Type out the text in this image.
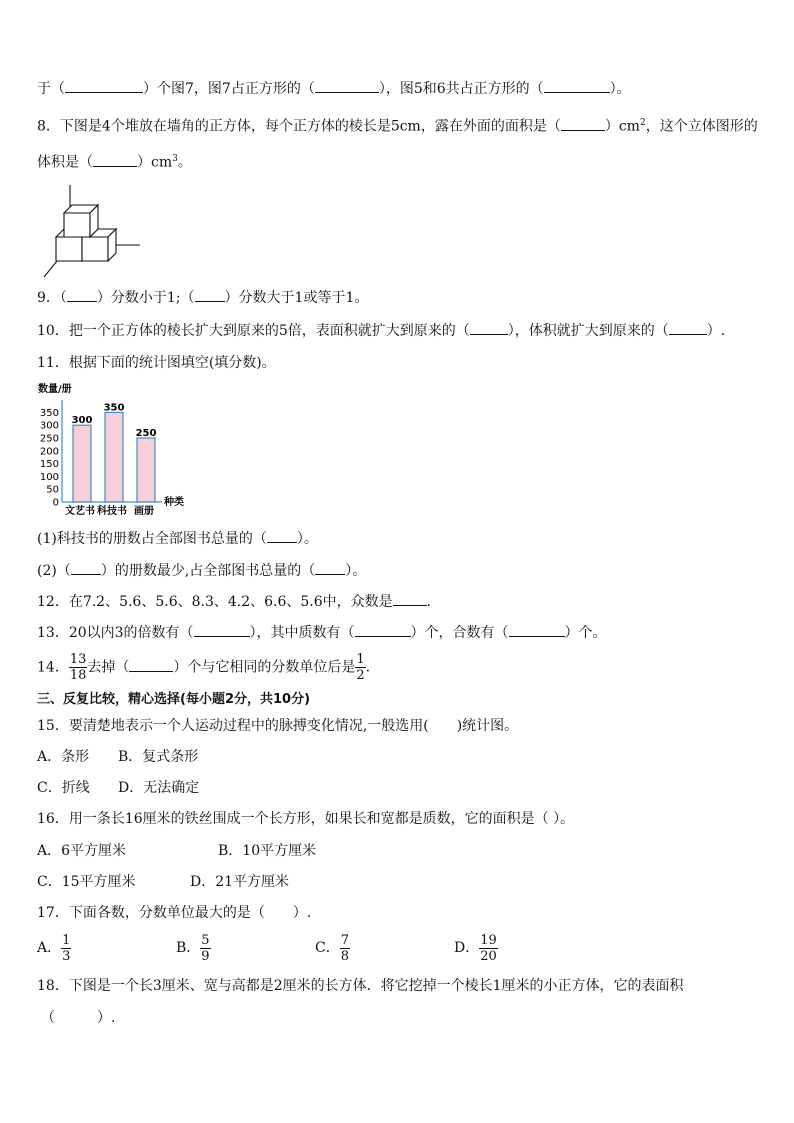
于（	）个图7，图7占正方形的（	），图5和6共占正方形的（	）。
8．下图是4个堆放在墙角的正方体，每个正方体的棱长是5cm，露在外面的面积是（	）$cm^2$，这个立体图形的
体积是（	）$cm^3$。
9．（ ）分数小于1;（ ）分数大于1或等于1。
10．把一个正方体的棱长扩大到原来的5倍，表面积就扩大到原来的（	），体积就扩大到原来的（	）.
11．根据下面的统计图填空(填分数)。
数量/册
0
50
100
150
200
250
300
350
300
文艺书
350
科技书
250
画册
种类
(1)科技书的册数占全部图书总量的（ ）。
(2)（ ）的册数最少,占全部图书总量的（ ）。
12．在7.2、5.6、5.6、8.3、4.2、6.6、5.6中，众数是 .
13．20以内3的倍数有（	），其中质数有（	）个，合数有（	）个。
14． $\frac{13}{18}$ 去掉（	）个与它相同的分数单位后是 $\frac{1}{2}$ .
三、反复比较，精心选择(每小题2分，共10分)
15．要清楚地表示一个人运动过程中的脉搏变化情况,一般选用(　　)统计图。
A．条形 B．复式条形
C．折线 D．无法确定
16．用一条长16厘米的铁丝围成一个长方形，如果长和宽都是质数，它的面积是（ ）。
A．6平方厘米	B．10平方厘米
C．15平方厘米	D．21平方厘米
17．下面各数，分数单位最大的是（　　）.
A． $\frac{1}{3}$	B． $\frac{5}{9}$	C． $\frac{7}{8}$	D． $\frac{19}{20}$
18．下图是一个长3厘米、宽与高都是2厘米的长方体．将它挖掉一个棱长1厘米的小正方体，它的表面积
（　　　）.
